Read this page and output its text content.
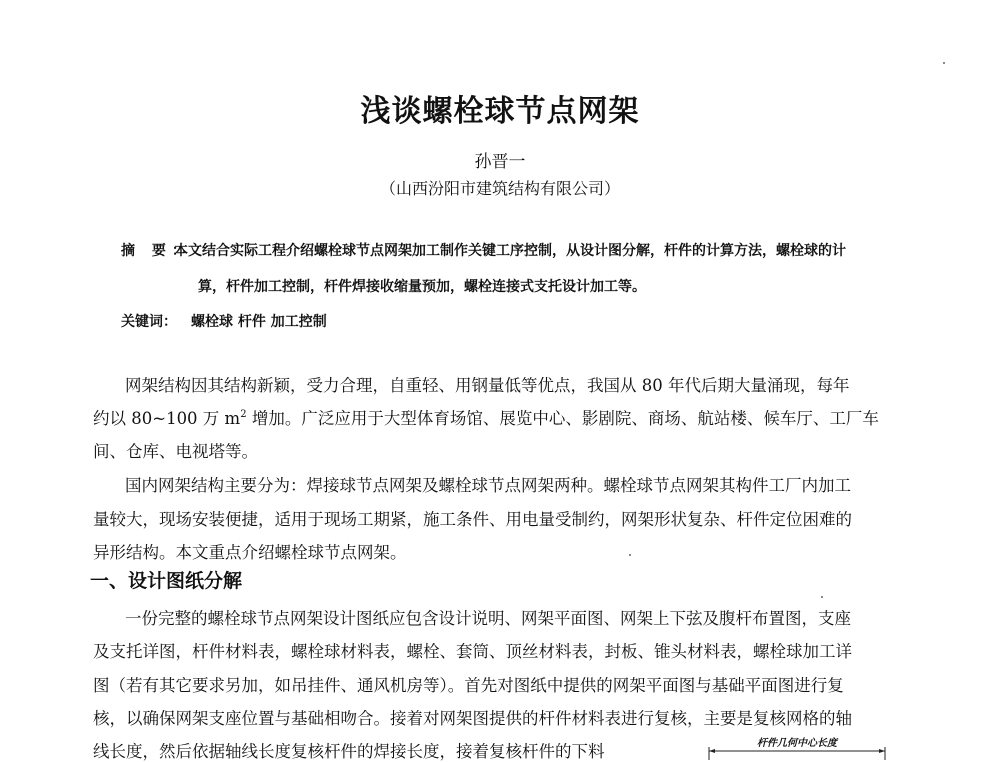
浅谈螺栓球节点网架
孙晋一
（山西汾阳市建筑结构有限公司）
摘 要：
本文结合实际工程介绍螺栓球节点网架加工制作关键工序控制，从设计图分解，杆件的计算方法，螺栓球的计
算，杆件加工控制，杆件焊接收缩量预加，螺栓连接式支托设计加工等。
关键词： 螺栓球 杆件 加工控制
网架结构因其结构新颖，受力合理，自重轻、用钢量低等优点，我国从 80 年代后期大量涌现，每年
约以 80~100 万 $m^2$ 增加。广泛应用于大型体育场馆、展览中心、影剧院、商场、航站楼、候车厅、工厂车
间、仓库、电视塔等。
国内网架结构主要分为：焊接球节点网架及螺栓球节点网架两种。螺栓球节点网架其构件工厂内加工
量较大，现场安装便捷，适用于现场工期紧，施工条件、用电量受制约，网架形状复杂、杆件定位困难的
异形结构。本文重点介绍螺栓球节点网架。
一、设计图纸分解
一份完整的螺栓球节点网架设计图纸应包含设计说明、网架平面图、网架上下弦及腹杆布置图，支座
及支托详图，杆件材料表，螺栓球材料表，螺栓、套筒、顶丝材料表，封板、锥头材料表，螺栓球加工详
图（若有其它要求另加，如吊挂件、通风机房等）。首先对图纸中提供的网架平面图与基础平面图进行复
核，以确保网架支座位置与基础相吻合。接着对网架图提供的杆件材料表进行复核，主要是复核网格的轴
线长度，然后依据轴线长度复核杆件的焊接长度，接着复核杆件的下料	杆件几何中心长度
